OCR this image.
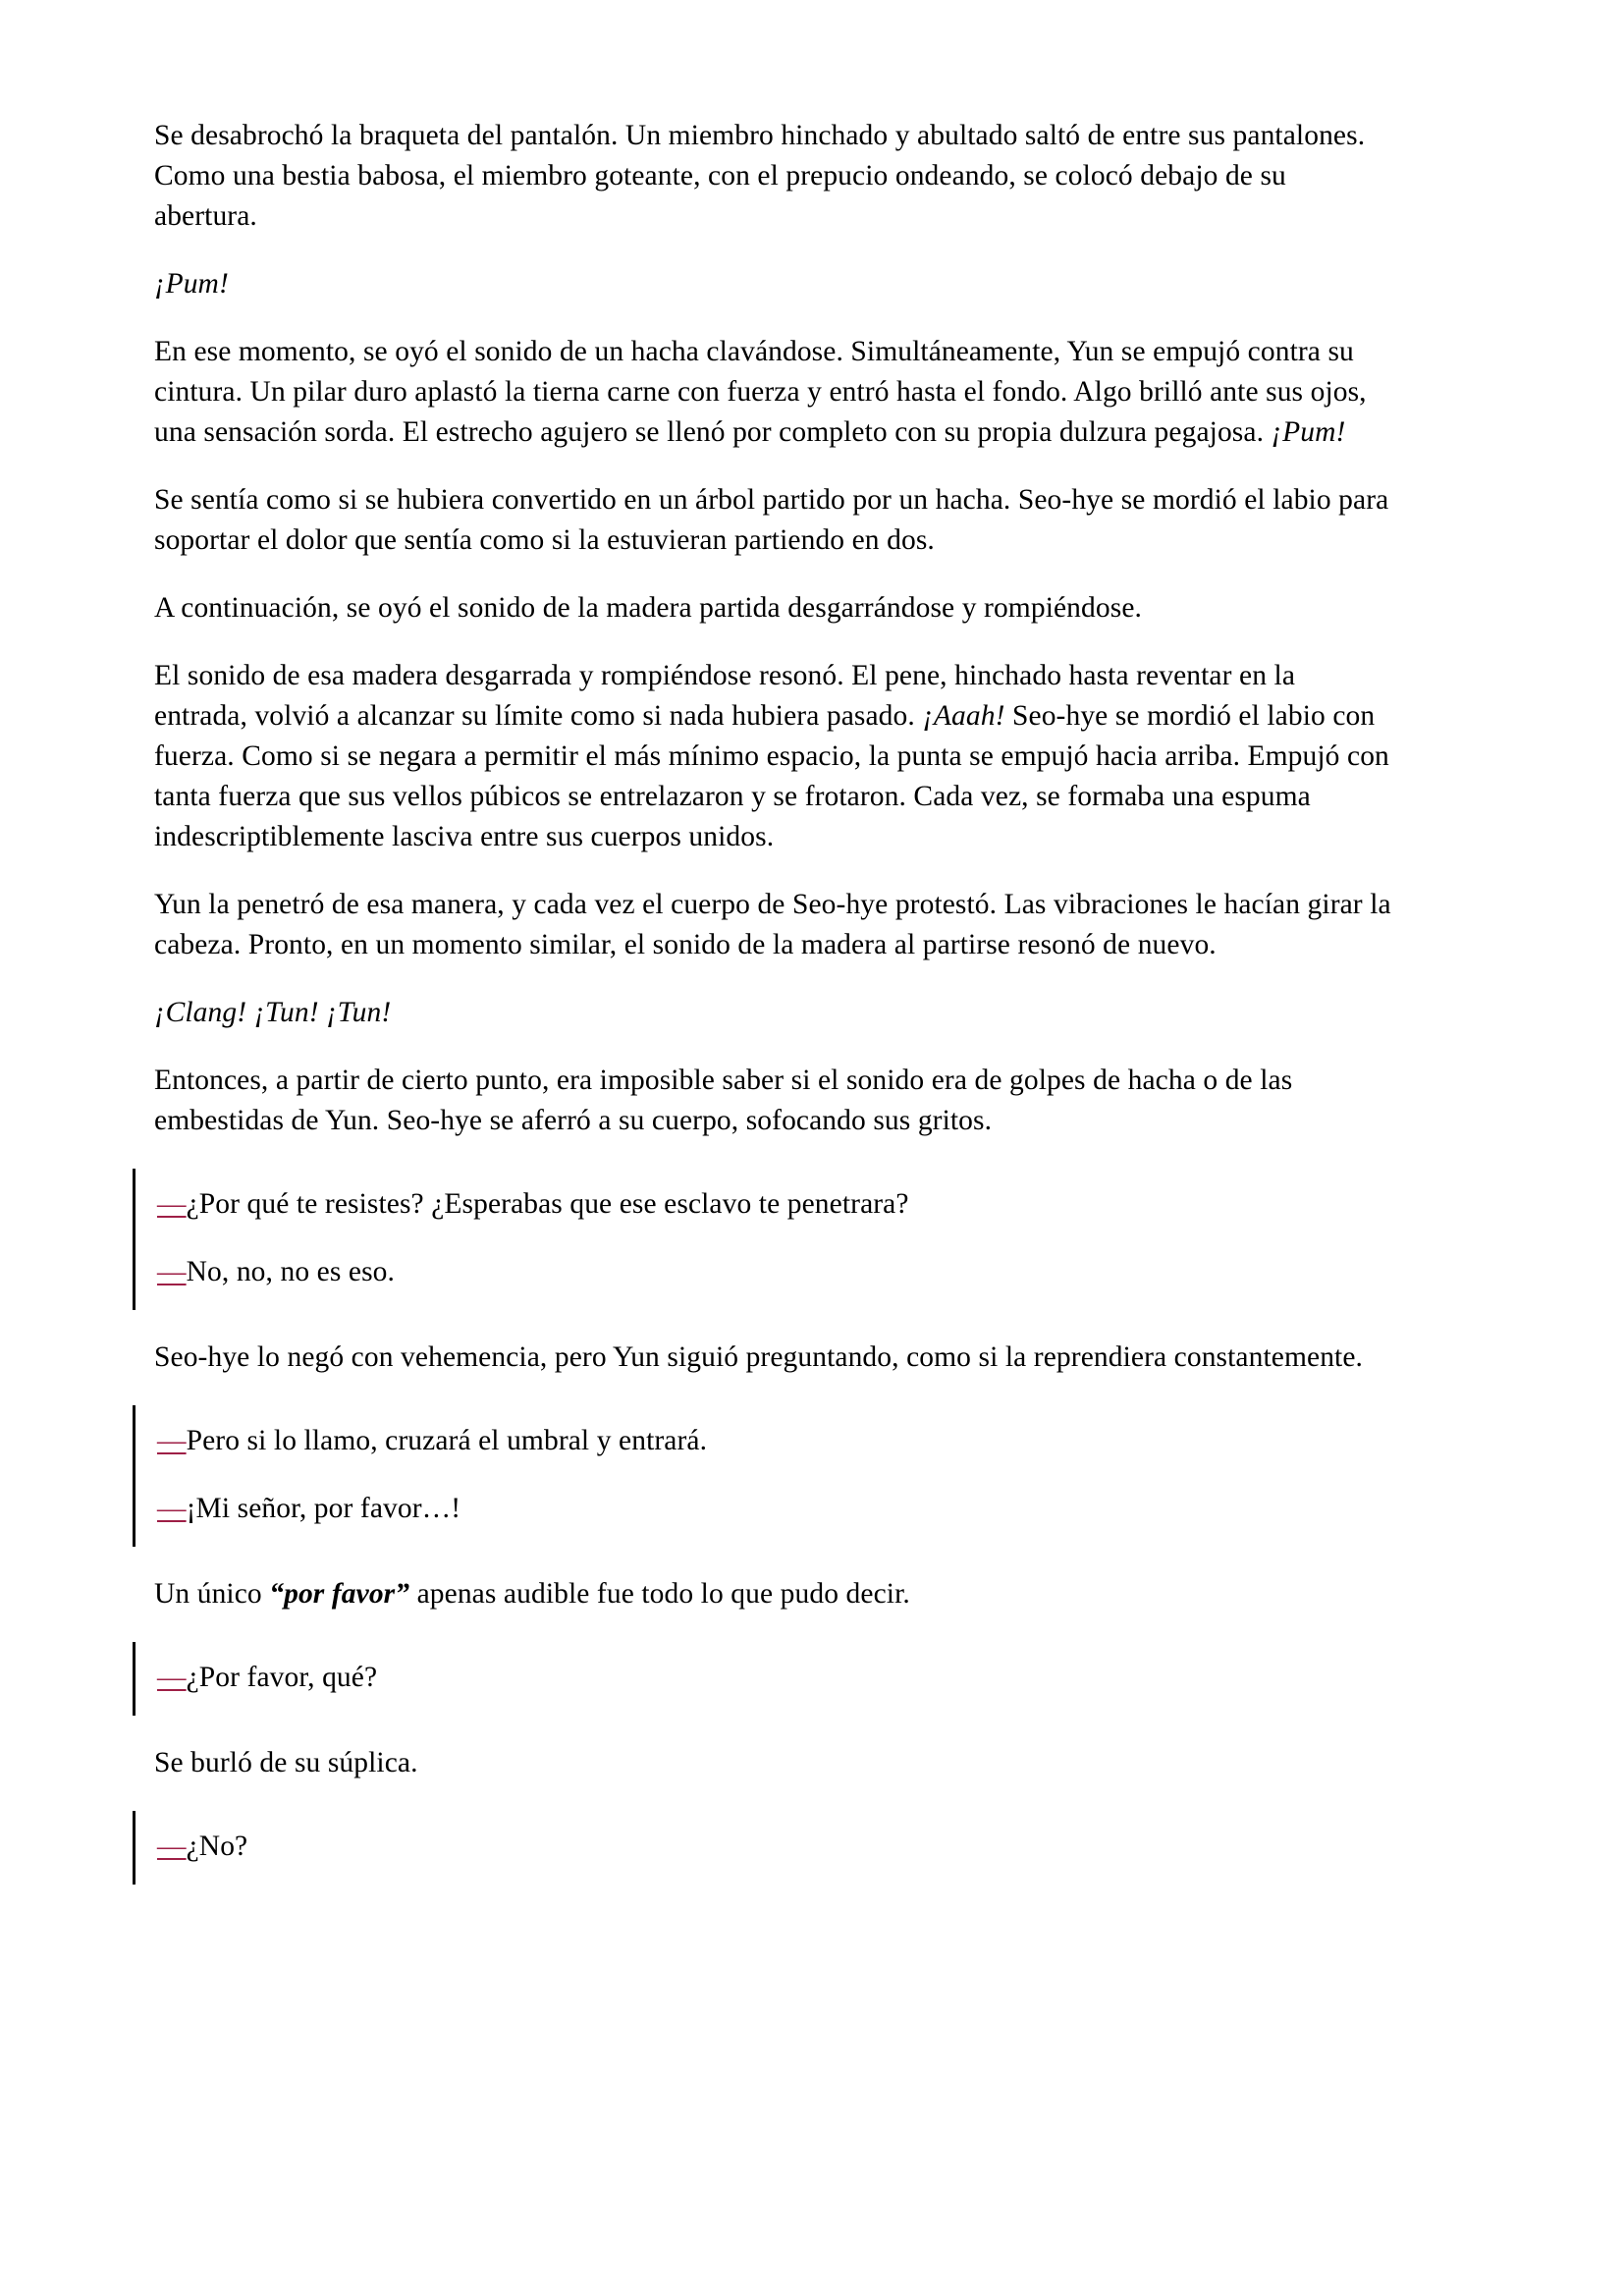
Se desabrochó la braqueta del pantalón. Un miembro hinchado y abultado saltó de entre sus pantalones. Como una bestia babosa, el miembro goteante, con el prepucio ondeando, se colocó debajo de su abertura.

¡Pum!

En ese momento, se oyó el sonido de un hacha clavándose. Simultáneamente, Yun se empujó contra su cintura. Un pilar duro aplastó la tierna carne con fuerza y entró hasta el fondo. Algo brilló ante sus ojos, una sensación sorda. El estrecho agujero se llenó por completo con su propia dulzura pegajosa. ¡Pum!

Se sentía como si se hubiera convertido en un árbol partido por un hacha. Seo-hye se mordió el labio para soportar el dolor que sentía como si la estuvieran partiendo en dos.

A continuación, se oyó el sonido de la madera partida desgarrándose y rompiéndose.

El sonido de esa madera desgarrada y rompiéndose resonó. El pene, hinchado hasta reventar en la entrada, volvió a alcanzar su límite como si nada hubiera pasado. ¡Aaah! Seo-hye se mordió el labio con fuerza. Como si se negara a permitir el más mínimo espacio, la punta se empujó hacia arriba. Empujó con tanta fuerza que sus vellos púbicos se entrelazaron y se frotaron. Cada vez, se formaba una espuma indescriptiblemente lasciva entre sus cuerpos unidos.

Yun la penetró de esa manera, y cada vez el cuerpo de Seo-hye protestó. Las vibraciones le hacían girar la cabeza. Pronto, en un momento similar, el sonido de la madera al partirse resonó de nuevo.

¡Clang! ¡Tun! ¡Tun!

Entonces, a partir de cierto punto, era imposible saber si el sonido era de golpes de hacha o de las embestidas de Yun. Seo-hye se aferró a su cuerpo, sofocando sus gritos.

—¿Por qué te resistes? ¿Esperabas que ese esclavo te penetrara?

—No, no, no es eso.

Seo-hye lo negó con vehemencia, pero Yun siguió preguntando, como si la reprendiera constantemente.

—Pero si lo llamo, cruzará el umbral y entrará.

—¡Mi señor, por favor…!

Un único “por favor” apenas audible fue todo lo que pudo decir.

—¿Por favor, qué?

Se burló de su súplica.

—¿No?
